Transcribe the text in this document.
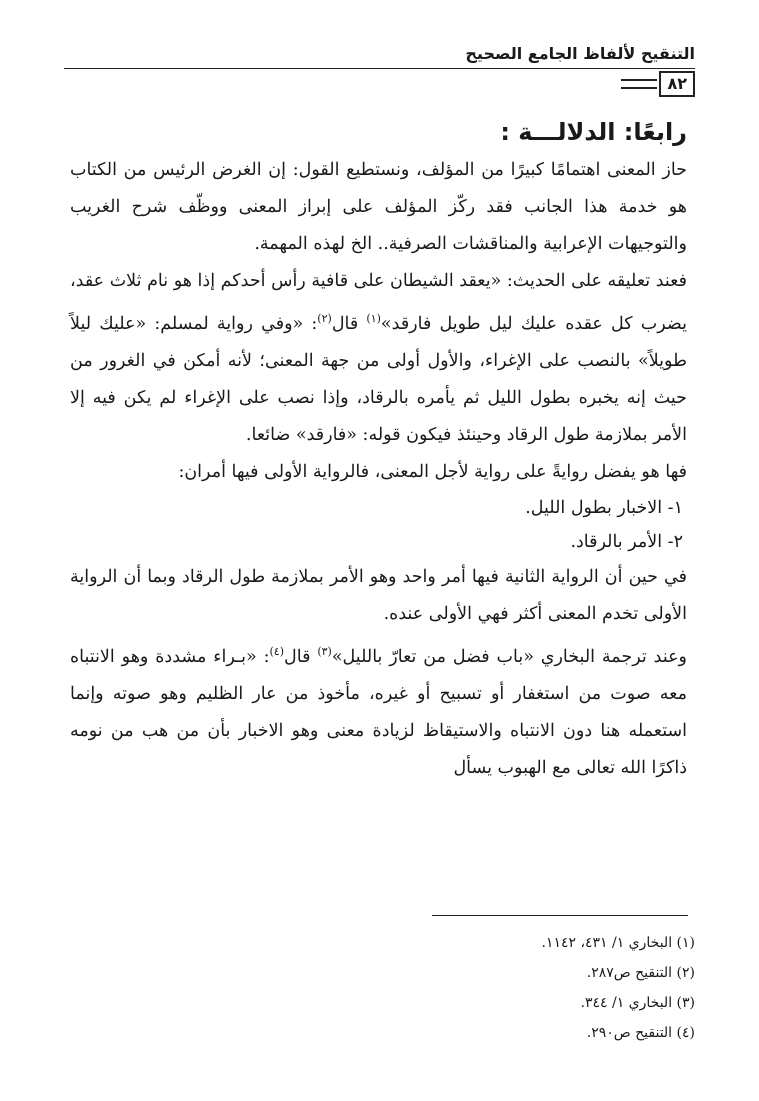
التنقيح لألفاظ الجامع الصحيح
٨٢
رابعًا: الدلالـــة :

حاز المعنى اهتمامًا كبيرًا من المؤلف، ونستطيع القول: إن الغرض الرئيس من الكتاب هو خدمة هذا الجانب فقد ركّز المؤلف على إبراز المعنى ووظّف شرح الغريب والتوجيهات الإعرابية والمناقشات الصرفية.. الخ لهذه المهمة.

فعند تعليقه على الحديث: «يعقد الشيطان على قافية رأس أحدكم إذا هو نام ثلاث عقد، يضرب كل عقده عليك ليل طويل فارقد»$^{(١)}$ قال$^{(٢)}$: «وفي رواية لمسلم: «عليك ليلاً طويلاً» بالنصب على الإغراء، والأول أولى من جهة المعنى؛ لأنه أمكن في الغرور من حيث إنه يخبره بطول الليل ثم يأمره بالرقاد، وإذا نصب على الإغراء لم يكن فيه إلا الأمر بملازمة طول الرقاد وحينئذ فيكون قوله: «فارقد» ضائعا.

فها هو يفضل روايةً على رواية لأجل المعنى، فالرواية الأولى فيها أمران:

١- الاخبار بطول الليل.

٢- الأمر بالرقاد.

في حين أن الرواية الثانية فيها أمر واحد وهو الأمر بملازمة طول الرقاد وبما أن الرواية الأولى تخدم المعنى أكثر فهي الأولى عنده.

وعند ترجمة البخاري «باب فضل من تعارّ بالليل»$^{(٣)}$ قال$^{(٤)}$: «بـراء مشددة وهو الانتباه معه صوت من استغفار أو تسبيح أو غيره، مأخوذ من عار الظليم وهو صوته وإنما استعمله هنا دون الانتباه والاستيقاظ لزيادة معنى وهو الاخبار بأن من هب من نومه ذاكرًا الله تعالى مع الهبوب يسأل

(١) البخاري ١/ ٤٣١، ١١٤٢.

(٢) التنقيح ص٢٨٧.

(٣) البخاري ١/ ٣٤٤.

(٤) التنقيح ص٢٩٠.
